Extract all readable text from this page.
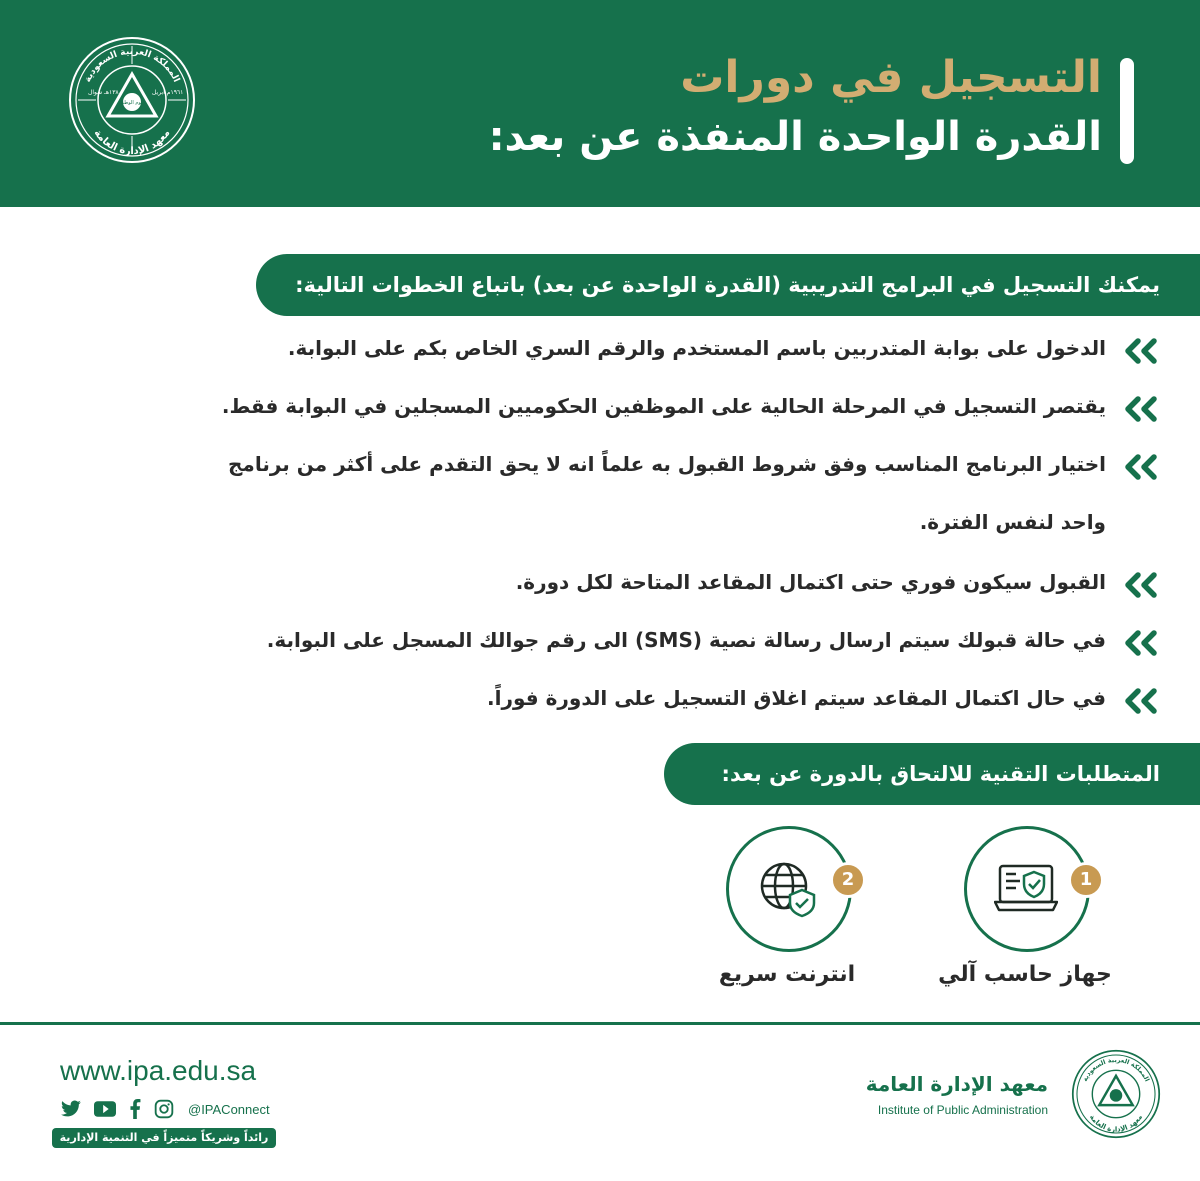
المملكة العربية السعودية
معهد الإدارة العامة
١٣٨٠هـ شوال	١٩٦١م ابريل
اليوم الوطني	التسجيل في دورات
القدرة الواحدة المنفذة عن بعد:
يمكنك التسجيل في البرامج التدريبية (القدرة الواحدة عن بعد) باتباع الخطوات التالية:
الدخول على بوابة المتدربين باسم المستخدم والرقم السري الخاص بكم على البوابة.
يقتصر التسجيل في المرحلة الحالية على الموظفين الحكوميين المسجلين في البوابة فقط.
اختيار البرنامج المناسب وفق شروط القبول به علماً انه لا يحق التقدم على أكثر من برنامج
واحد لنفس الفترة.
القبول سيكون فوري حتى اكتمال المقاعد المتاحة لكل دورة.
في حالة قبولك سيتم ارسال رسالة نصية (SMS) الى رقم جوالك المسجل على البوابة.
في حال اكتمال المقاعد سيتم اغلاق التسجيل على الدورة فوراً.
المتطلبات التقنية للالتحاق بالدورة عن بعد:
1
جهاز حاسب آلي
2
انترنت سريع
www.ipa.edu.sa
@IPAConnect
رائداً وشريكاً متميزاً في التنمية الإدارية
معهد الإدارة العامة
Institute of Public Administration
المملكة العربية السعودية
معهد الإدارة العامة
